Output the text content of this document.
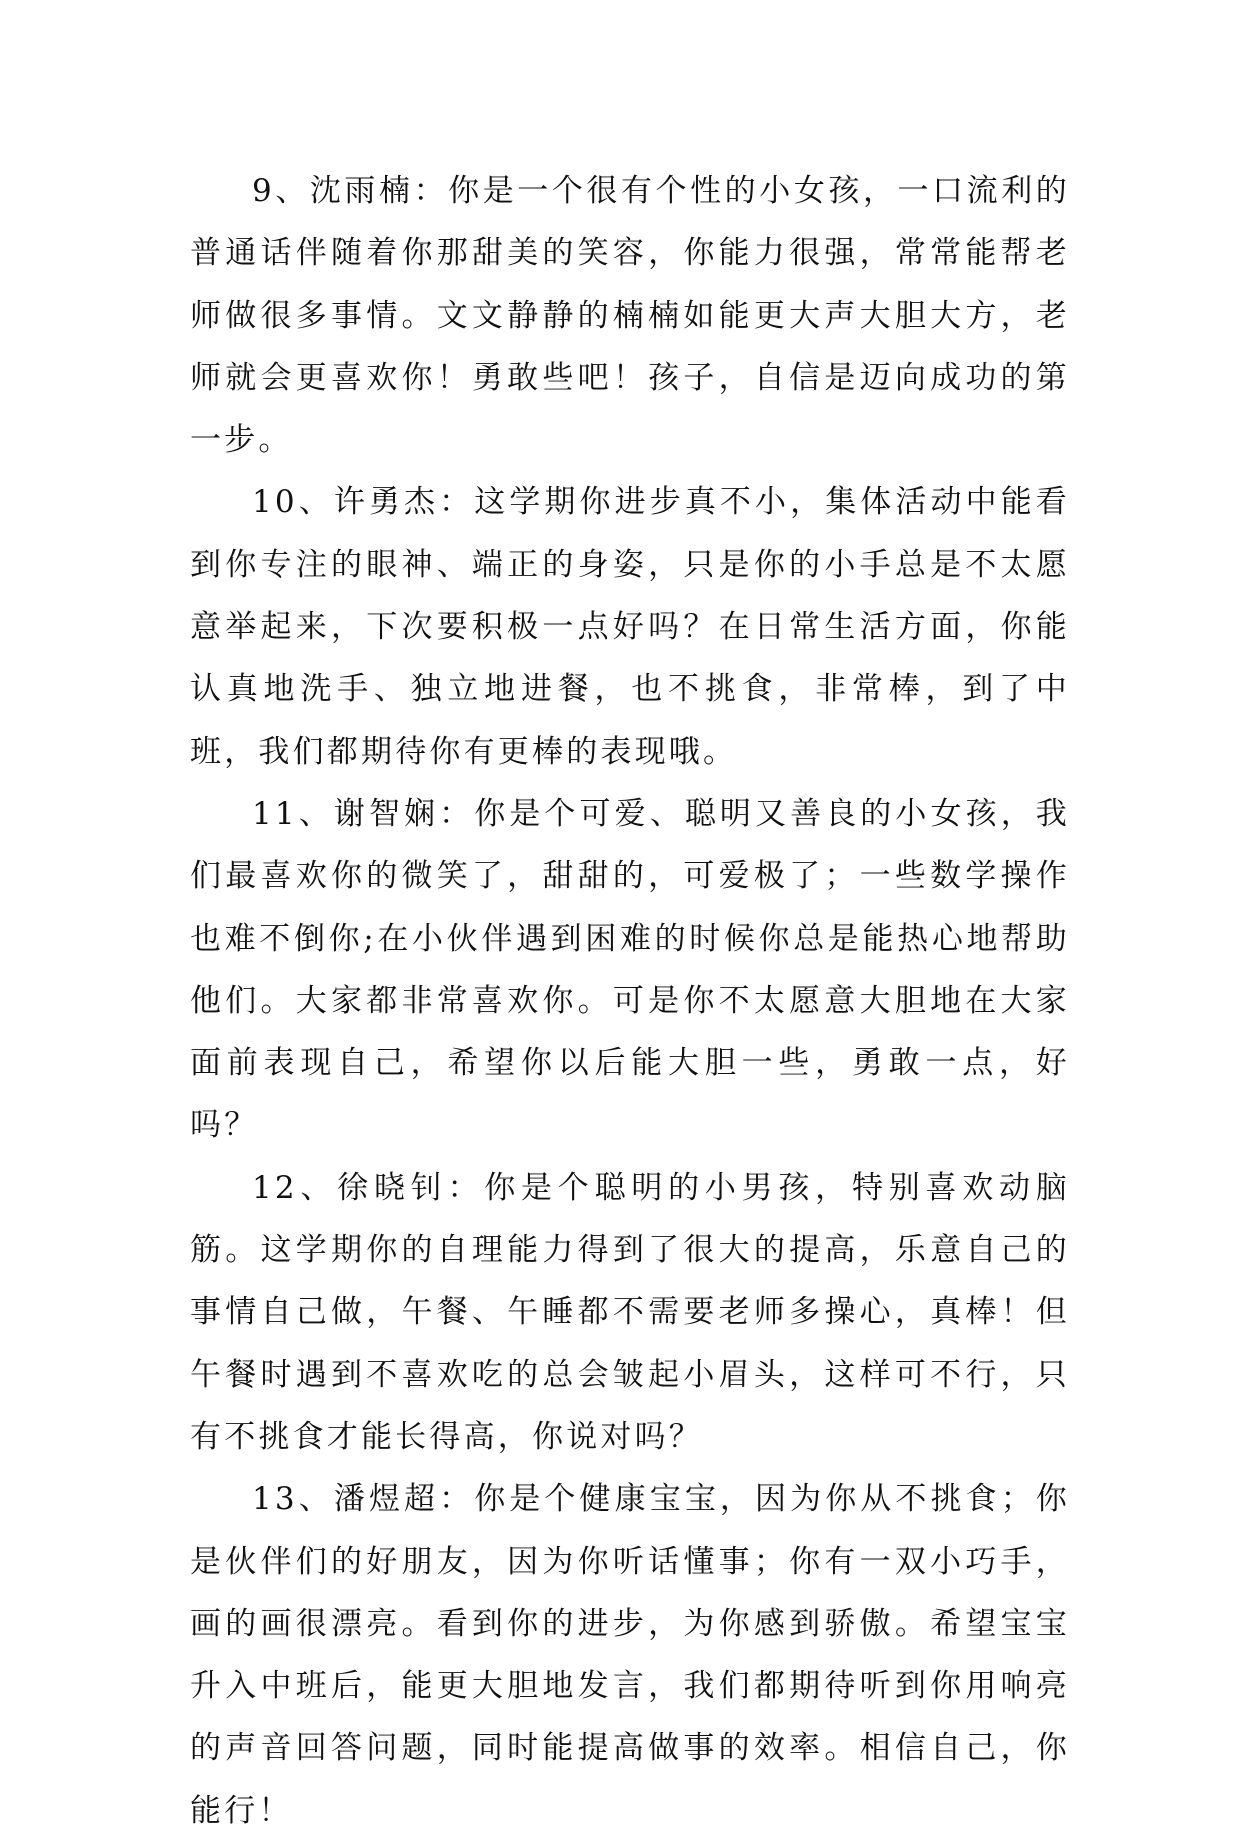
9、沈雨楠：你是一个很有个性的小女孩，一口流利的普通话伴随着你那甜美的笑容，你能力很强，常常能帮老师做很多事情。文文静静的楠楠如能更大声大胆大方，老师就会更喜欢你！勇敢些吧！孩子，自信是迈向成功的第一步。

10、许勇杰：这学期你进步真不小，集体活动中能看到你专注的眼神、端正的身姿，只是你的小手总是不太愿意举起来，下次要积极一点好吗？在日常生活方面，你能认真地洗手、独立地进餐，也不挑食，非常棒，到了中班，我们都期待你有更棒的表现哦。

11、谢智娴：你是个可爱、聪明又善良的小女孩，我们最喜欢你的微笑了，甜甜的，可爱极了；一些数学操作也难不倒你;在小伙伴遇到困难的时候你总是能热心地帮助他们。大家都非常喜欢你。可是你不太愿意大胆地在大家面前表现自己，希望你以后能大胆一些，勇敢一点，好吗？

12、徐晓钊：你是个聪明的小男孩，特别喜欢动脑筋。这学期你的自理能力得到了很大的提高，乐意自己的事情自己做，午餐、午睡都不需要老师多操心，真棒！但午餐时遇到不喜欢吃的总会皱起小眉头，这样可不行，只有不挑食才能长得高，你说对吗？

13、潘煜超：你是个健康宝宝，因为你从不挑食；你是伙伴们的好朋友，因为你听话懂事；你有一双小巧手，画的画很漂亮。看到你的进步，为你感到骄傲。希望宝宝升入中班后，能更大胆地发言，我们都期待听到你用响亮的声音回答问题，同时能提高做事的效率。相信自己，你能行！
